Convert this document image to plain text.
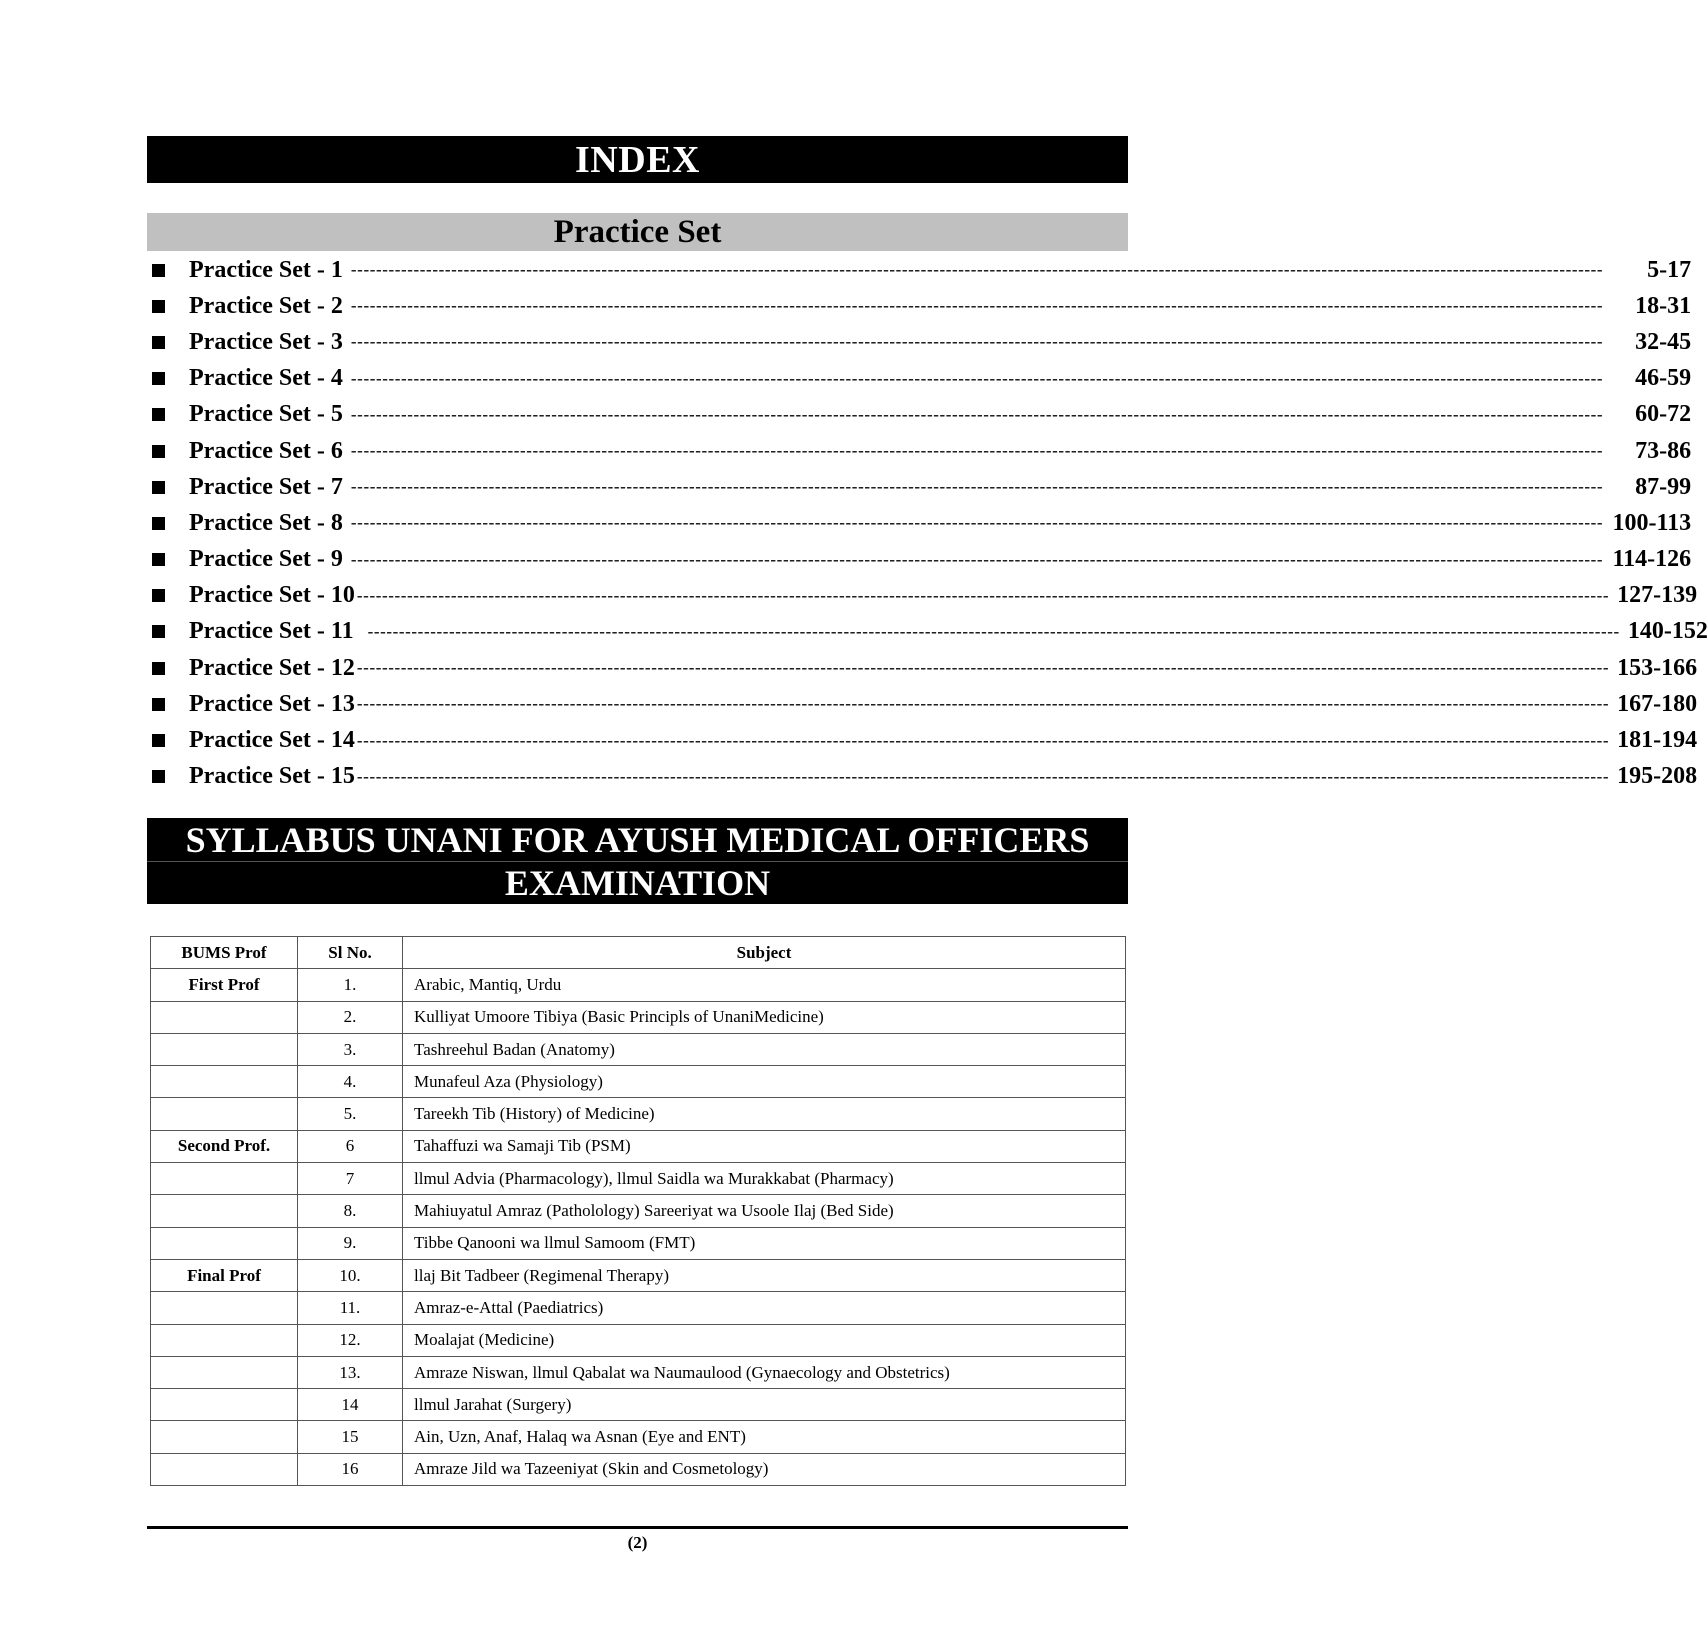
INDEX
Practice Set
Practice Set - 1 --------------------------------------------------------------------------------------------------------------------------------------------------------------------------------------------------------	5-17
Practice Set - 2 --------------------------------------------------------------------------------------------------------------------------------------------------------------------------------------------------------	18-31
Practice Set - 3 --------------------------------------------------------------------------------------------------------------------------------------------------------------------------------------------------------	32-45
Practice Set - 4 --------------------------------------------------------------------------------------------------------------------------------------------------------------------------------------------------------	46-59
Practice Set - 5 --------------------------------------------------------------------------------------------------------------------------------------------------------------------------------------------------------	60-72
Practice Set - 6 --------------------------------------------------------------------------------------------------------------------------------------------------------------------------------------------------------	73-86
Practice Set - 7 --------------------------------------------------------------------------------------------------------------------------------------------------------------------------------------------------------	87-99
Practice Set - 8 -------------------------------------------------------------------------------------------------------------------------------------------------------------------------------------------------------- 100-113
Practice Set - 9 -------------------------------------------------------------------------------------------------------------------------------------------------------------------------------------------------------- 114-126
Practice Set - 10 -------------------------------------------------------------------------------------------------------------------------------------------------------------------------------------------------------- 127-139
Practice Set - 11 -------------------------------------------------------------------------------------------------------------------------------------------------------------------------------------------------------- 140-152
Practice Set - 12 -------------------------------------------------------------------------------------------------------------------------------------------------------------------------------------------------------- 153-166
Practice Set - 13 -------------------------------------------------------------------------------------------------------------------------------------------------------------------------------------------------------- 167-180
Practice Set - 14 -------------------------------------------------------------------------------------------------------------------------------------------------------------------------------------------------------- 181-194
Practice Set - 15 -------------------------------------------------------------------------------------------------------------------------------------------------------------------------------------------------------- 195-208
SYLLABUS UNANI FOR AYUSH MEDICAL OFFICERS
EXAMINATION
BUMS Prof	Sl No.	Subject
First Prof	1.	Arabic, Mantiq, Urdu
	2.	Kulliyat Umoore Tibiya (Basic Principls of UnaniMedicine)
	3.	Tashreehul Badan (Anatomy)
	4.	Munafeul Aza (Physiology)
	5.	Tareekh Tib (History) of Medicine)
Second Prof.	6	Tahaffuzi wa Samaji Tib (PSM)
	7	llmul Advia (Pharmacology), llmul Saidla wa Murakkabat (Pharmacy)
	8.	Mahiuyatul Amraz (Patholology) Sareeriyat wa Usoole Ilaj (Bed Side)
	9.	Tibbe Qanooni wa llmul Samoom (FMT)
Final Prof	10.	llaj Bit Tadbeer (Regimenal Therapy)
	11.	Amraz-e-Attal (Paediatrics)
	12.	Moalajat (Medicine)
	13.	Amraze Niswan, llmul Qabalat wa Naumaulood (Gynaecology and Obstetrics)
	14	llmul Jarahat (Surgery)
	15	Ain, Uzn, Anaf, Halaq wa Asnan (Eye and ENT)
	16	Amraze Jild wa Tazeeniyat (Skin and Cosmetology)
(2)
